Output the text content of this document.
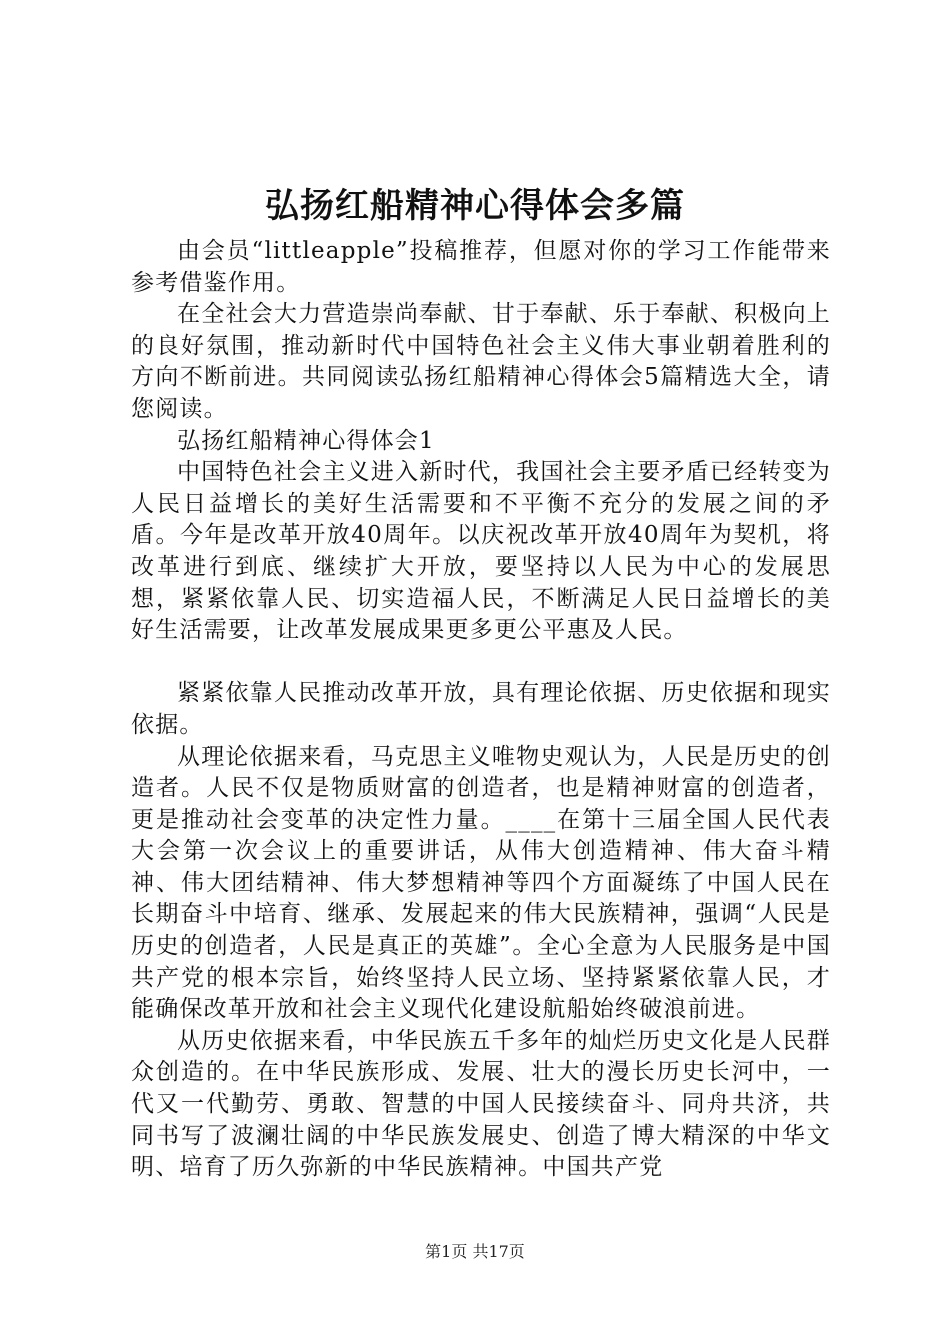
弘扬红船精神心得体会多篇

由会员“littleapple”投稿推荐，但愿对你的学习工作能带来参考借鉴作用。

在全社会大力营造崇尚奉献、甘于奉献、乐于奉献、积极向上的良好氛围，推动新时代中国特色社会主义伟大事业朝着胜利的方向不断前进。共同阅读弘扬红船精神心得体会5篇精选大全，请您阅读。

弘扬红船精神心得体会1

中国特色社会主义进入新时代，我国社会主要矛盾已经转变为人民日益增长的美好生活需要和不平衡不充分的发展之间的矛盾。今年是改革开放40周年。以庆祝改革开放40周年为契机，将改革进行到底、继续扩大开放，要坚持以人民为中心的发展思想，紧紧依靠人民、切实造福人民，不断满足人民日益增长的美好生活需要，让改革发展成果更多更公平惠及人民。

紧紧依靠人民推动改革开放，具有理论依据、历史依据和现实依据。

从理论依据来看，马克思主义唯物史观认为，人民是历史的创造者。人民不仅是物质财富的创造者，也是精神财富的创造者，更是推动社会变革的决定性力量。____在第十三届全国人民代表大会第一次会议上的重要讲话，从伟大创造精神、伟大奋斗精神、伟大团结精神、伟大梦想精神等四个方面凝练了中国人民在长期奋斗中培育、继承、发展起来的伟大民族精神，强调“人民是历史的创造者，人民是真正的英雄”。全心全意为人民服务是中国共产党的根本宗旨，始终坚持人民立场、坚持紧紧依靠人民，才能确保改革开放和社会主义现代化建设航船始终破浪前进。

从历史依据来看，中华民族五千多年的灿烂历史文化是人民群众创造的。在中华民族形成、发展、壮大的漫长历史长河中，一代又一代勤劳、勇敢、智慧的中国人民接续奋斗、同舟共济，共同书写了波澜壮阔的中华民族发展史、创造了博大精深的中华文明、培育了历久弥新的中华民族精神。中国共产党

第1页 共17页
